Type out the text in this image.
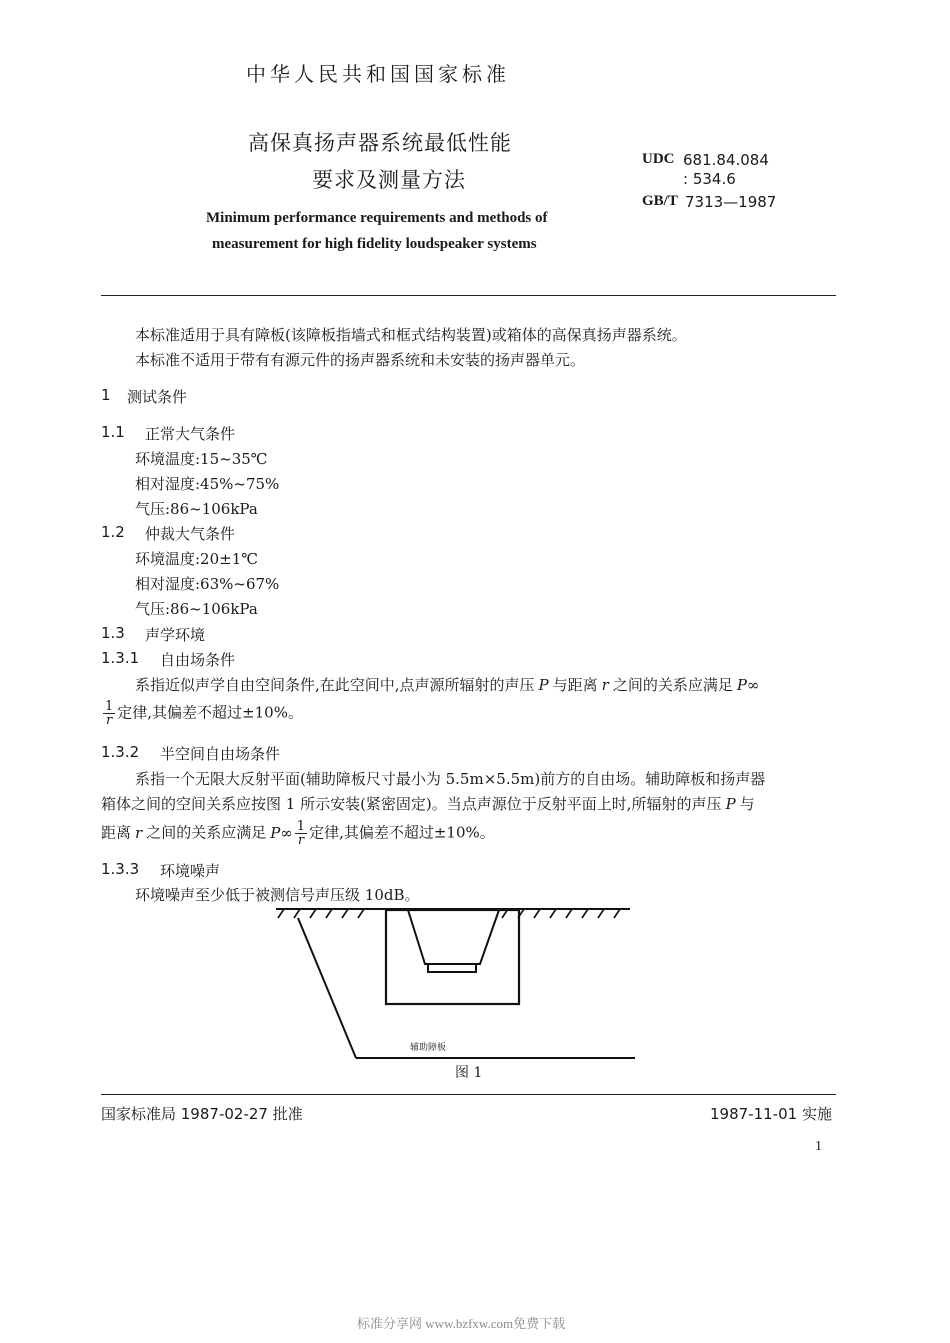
中华人民共和国国家标准
高保真扬声器系统最低性能
要求及测量方法
Minimum performance requirements and methods of
measurement for high fidelity loudspeaker systems
UDC 681.84.084
: 534.6
GB/T 7313—1987
本标准适用于具有障板(该障板指墙式和框式结构装置)或箱体的高保真扬声器系统。
本标准不适用于带有有源元件的扬声器系统和未安装的扬声器单元。
1 测试条件
1.1 正常大气条件
环境温度:15~35℃
相对湿度:45%~75%
气压:86~106kPa
1.2 仲裁大气条件
环境温度:20±1℃
相对湿度:63%~67%
气压:86~106kPa
1.3 声学环境
1.3.1 自由场条件
系指近似声学自由空间条件,在此空间中,点声源所辐射的声压 P 与距离 r 之间的关系应满足 P∞
$\frac{1}{r}$ 定律,其偏差不超过±10%。
1.3.2 半空间自由场条件
系指一个无限大反射平面(辅助障板尺寸最小为 5.5m×5.5m)前方的自由场。辅助障板和扬声器
箱体之间的空间关系应按图 1 所示安装(紧密固定)。当点声源位于反射平面上时,所辐射的声压 P 与
距离 r 之间的关系应满足 $P\infty \frac{1}{r}$ 定律,其偏差不超过±10%。
1.3.3 环境噪声
环境噪声至少低于被测信号声压级 10dB。
辅助障板
图 1
国家标准局 1987-02-27 批准	1987-11-01 实施
1
标准分享网 www.bzfxw.com免费下载
